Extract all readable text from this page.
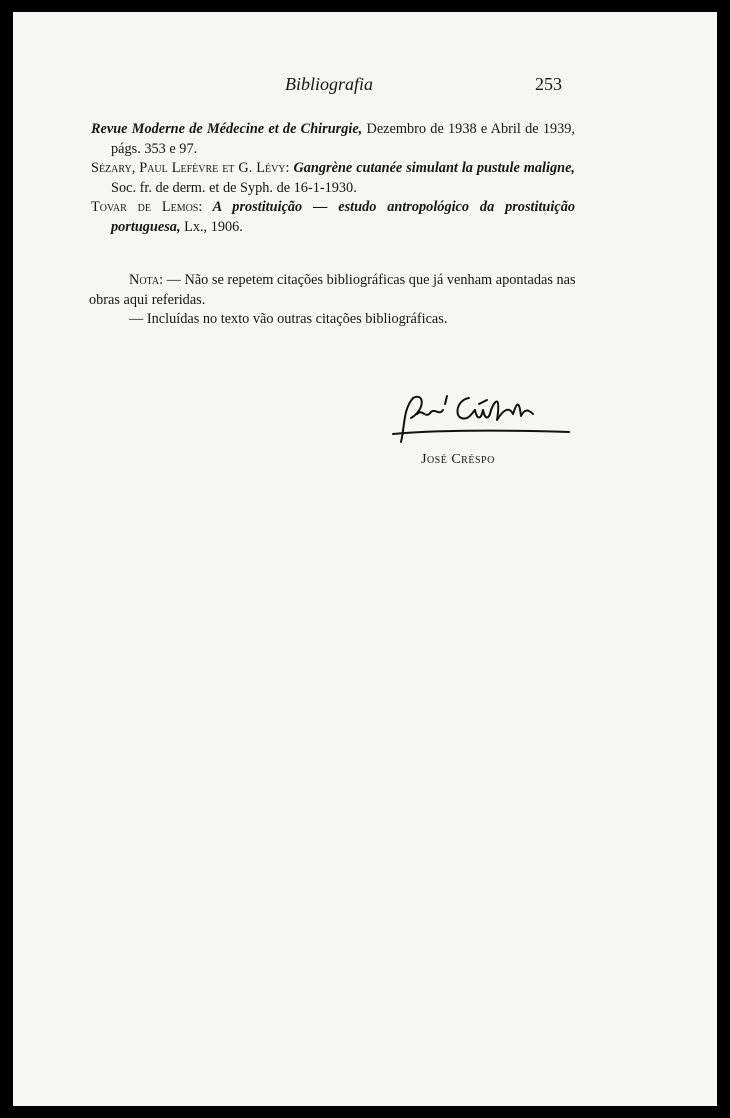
Bibliografia	253

Revue Moderne de Médecine et de Chirurgie, Dezembro de 1938 e Abril de 1939, págs. 353 e 97.

Sézary, Paul Lefèvre et G. Lévy: Gangrène cutanée simulant la pustule maligne, Soc. fr. de derm. et de Syph. de 16-1-1930.

Tovar de Lemos: A prostituição — estudo antropológico da prostituição portuguesa, Lx., 1906.

Nota: — Não se repetem citações bibliográficas que já venham apontadas nas obras aqui referidas.

— Incluídas no texto vão outras citações bibliográficas.

José Créspo
